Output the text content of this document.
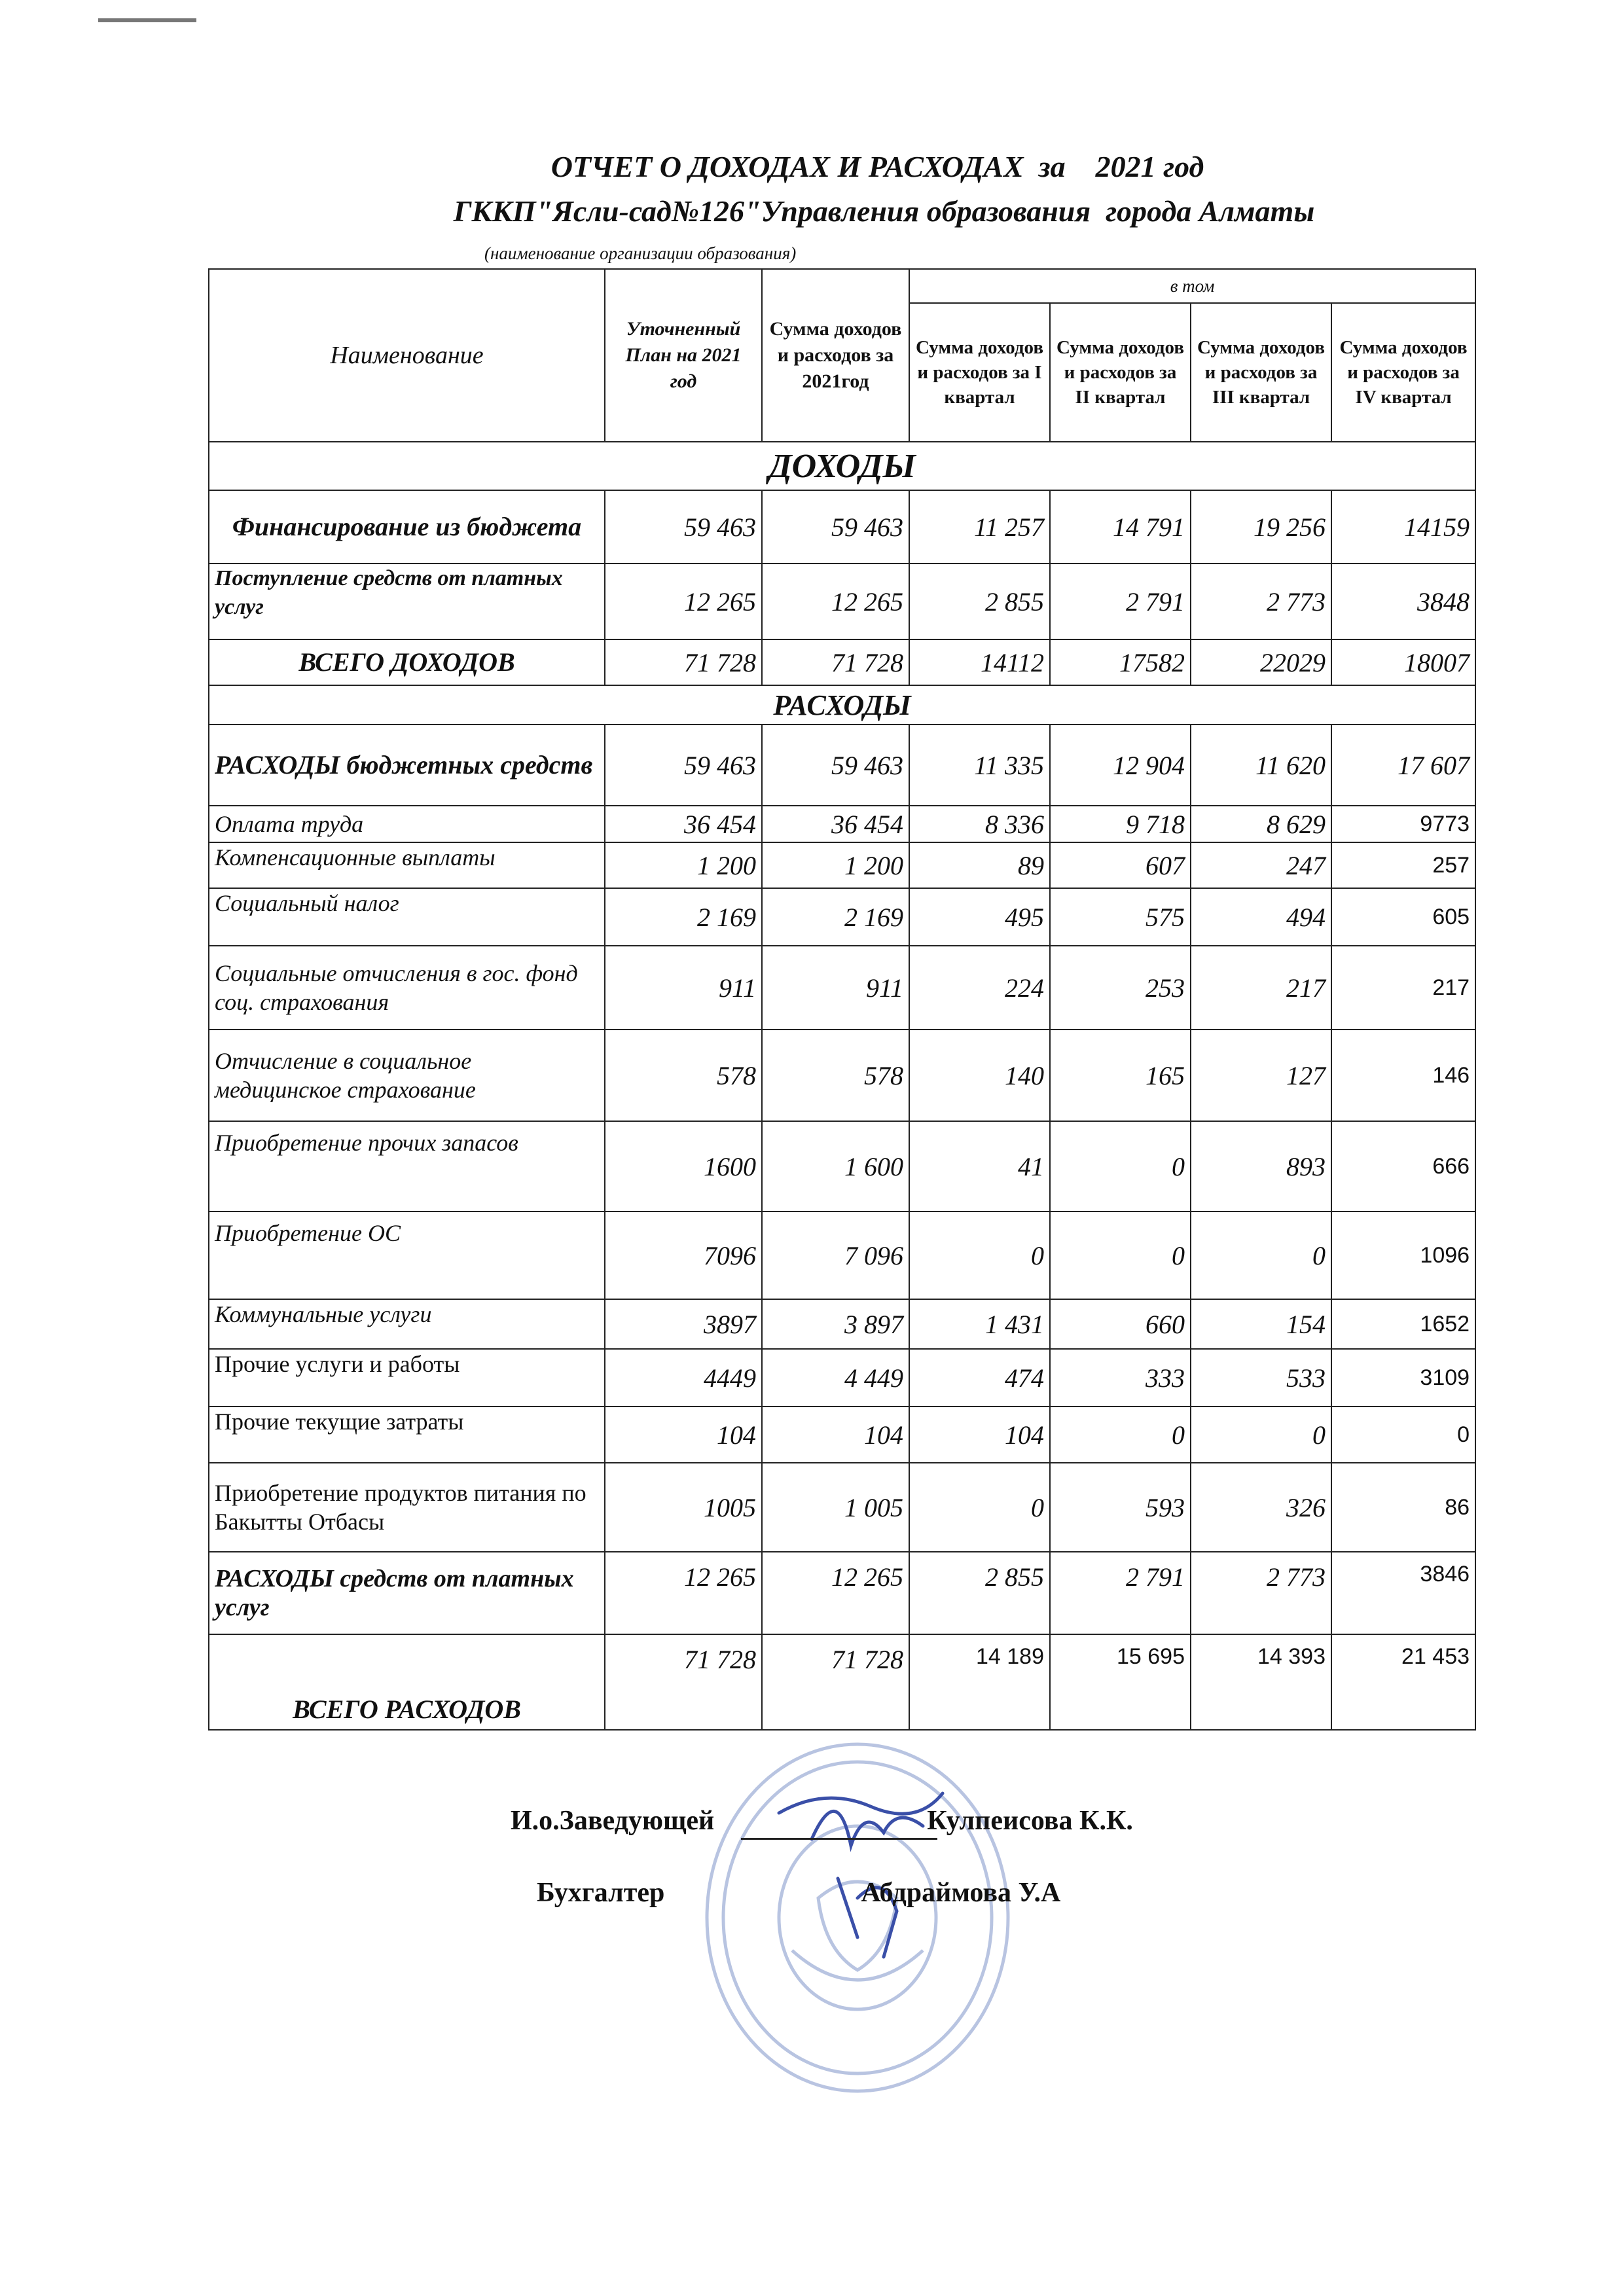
ОТЧЕТ О ДОХОДАХ И РАСХОДАХ  за    2021 год
ГККП"Ясли-сад№126"Управления образования  города Алматы
(наименование организации образования)
Наименование	Уточненный План на 2021 год	Сумма доходов и расходов за 2021год	в том			
			Сумма доходов и расходов за I квартал	Сумма доходов и расходов за II квартал	Сумма доходов и расходов за III квартал	Сумма доходов и расходов за IV квартал
ДОХОДЫ						
Финансирование из бюджета	59 463	59 463	11 257	14 791	19 256	14159
Поступление средств от платных услуг	12 265	12 265	2 855	2 791	2 773	3848
ВСЕГО ДОХОДОВ	71 728	71 728	14112	17582	22029	18007
РАСХОДЫ						
РАСХОДЫ бюджетных средств	59 463	59 463	11 335	12 904	11 620	17 607
Оплата труда	36 454	36 454	8 336	9 718	8 629	9773
Компенсационные выплаты	1 200	1 200	89	607	247	257
Социальный налог	2 169	2 169	495	575	494	605
Социальные отчисления в гос. фонд соц. страхования	911	911	224	253	217	217
Отчисление в социальное медицинское страхование	578	578	140	165	127	146
Приобретение прочих запасов	1600	1 600	41	0	893	666
Приобретение ОС	7096	7 096	0	0	0	1096
Коммунальные услуги	3897	3 897	1 431	660	154	1652
Прочие услуги и работы	4449	4 449	474	333	533	3109
Прочие текущие затраты	104	104	104	0	0	0
Приобретение продуктов питания по Бакытты Отбасы	1005	1 005	0	593	326	86
РАСХОДЫ средств от платных услуг	12 265	12 265	2 855	2 791	2 773	3846
ВСЕГО РАСХОДОВ	71 728	71 728	14 189	15 695	14 393	21 453
И.о.Заведующей	Кулпеисова К.К.
Бухгалтер	Абдраймова У.А
